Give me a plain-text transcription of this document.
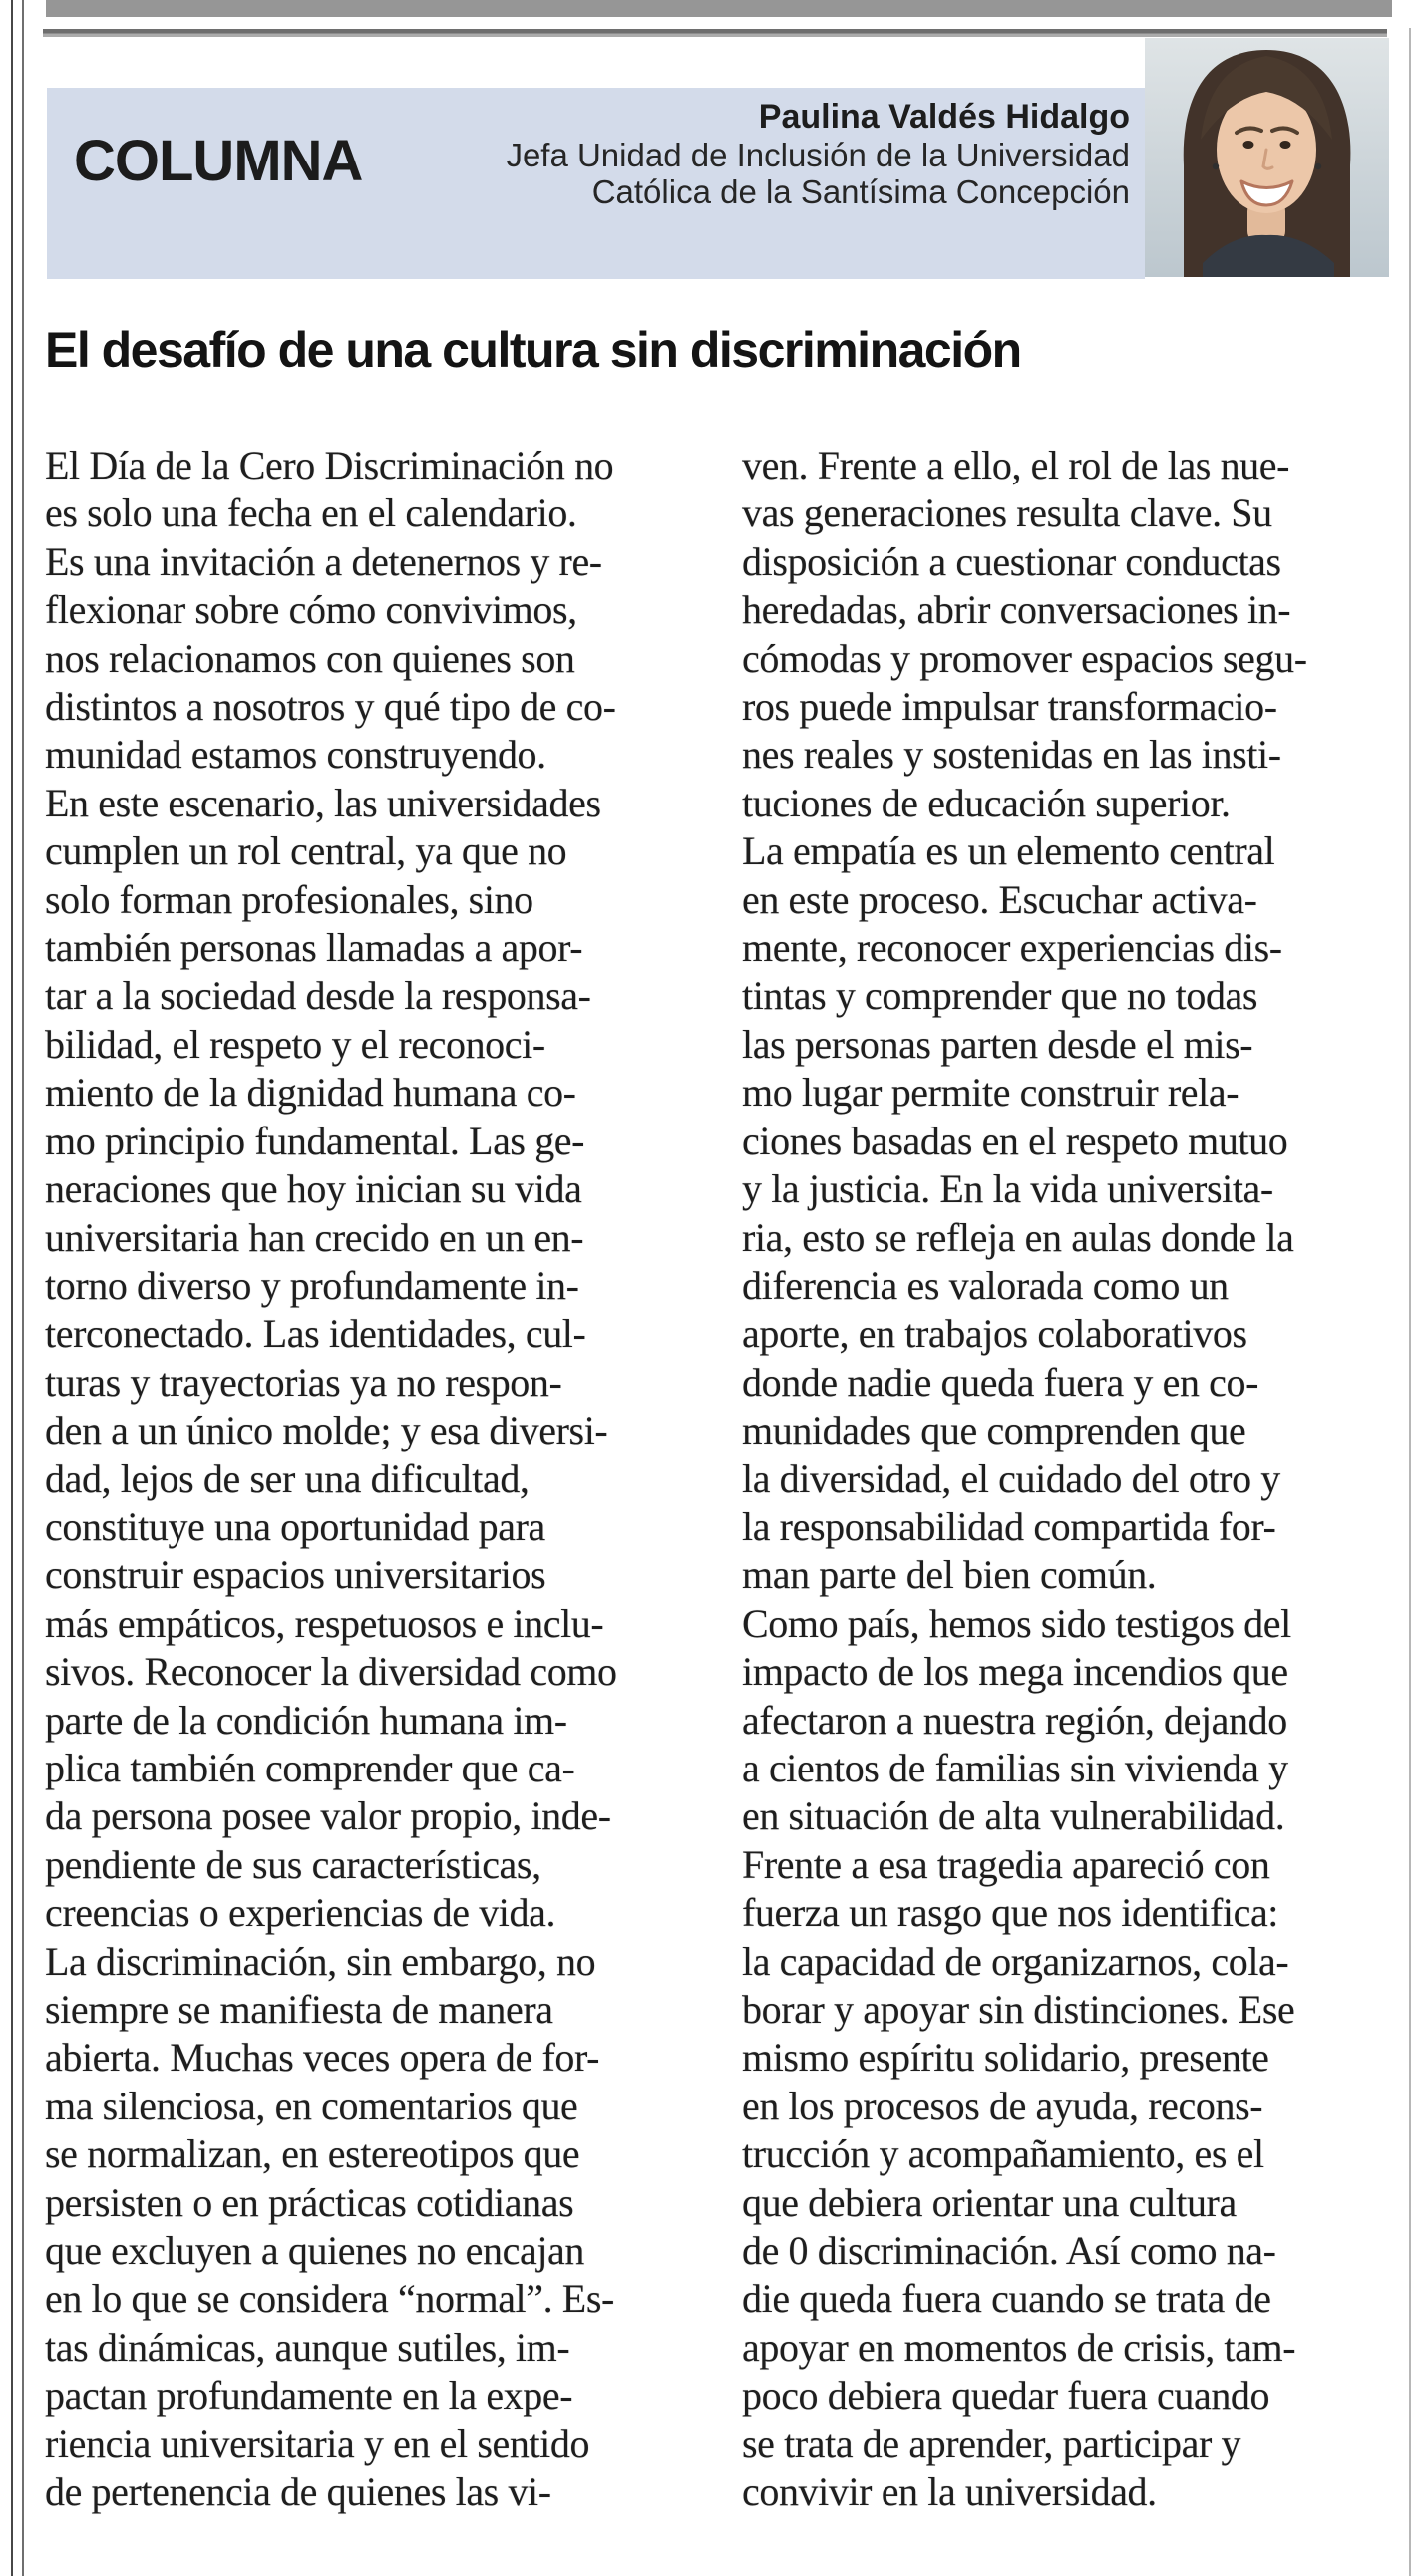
COLUMNA
Paulina Valdés Hidalgo
Jefa Unidad de Inclusión de la Universidad
Católica de la Santísima Concepción
El desafío de una cultura sin discriminación
El Día de la Cero Discriminación no
es solo una fecha en el calendario.
Es una invitación a detenernos y re-
flexionar sobre cómo convivimos,
nos relacionamos con quienes son
distintos a nosotros y qué tipo de co-
munidad estamos construyendo.
En este escenario, las universidades
cumplen un rol central, ya que no
solo forman profesionales, sino
también personas llamadas a apor-
tar a la sociedad desde la responsa-
bilidad, el respeto y el reconoci-
miento de la dignidad humana co-
mo principio fundamental. Las ge-
neraciones que hoy inician su vida
universitaria han crecido en un en-
torno diverso y profundamente in-
terconectado. Las identidades, cul-
turas y trayectorias ya no respon-
den a un único molde; y esa diversi-
dad, lejos de ser una dificultad,
constituye una oportunidad para
construir espacios universitarios
más empáticos, respetuosos e inclu-
sivos. Reconocer la diversidad como
parte de la condición humana im-
plica también comprender que ca-
da persona posee valor propio, inde-
pendiente de sus características,
creencias o experiencias de vida.
La discriminación, sin embargo, no
siempre se manifiesta de manera
abierta. Muchas veces opera de for-
ma silenciosa, en comentarios que
se normalizan, en estereotipos que
persisten o en prácticas cotidianas
que excluyen a quienes no encajan
en lo que se considera “normal”. Es-
tas dinámicas, aunque sutiles, im-
pactan profundamente en la expe-
riencia universitaria y en el sentido
de pertenencia de quienes las vi-
ven. Frente a ello, el rol de las nue-
vas generaciones resulta clave. Su
disposición a cuestionar conductas
heredadas, abrir conversaciones in-
cómodas y promover espacios segu-
ros puede impulsar transformacio-
nes reales y sostenidas en las insti-
tuciones de educación superior.
La empatía es un elemento central
en este proceso. Escuchar activa-
mente, reconocer experiencias dis-
tintas y comprender que no todas
las personas parten desde el mis-
mo lugar permite construir rela-
ciones basadas en el respeto mutuo
y la justicia. En la vida universita-
ria, esto se refleja en aulas donde la
diferencia es valorada como un
aporte, en trabajos colaborativos
donde nadie queda fuera y en co-
munidades que comprenden que
la diversidad, el cuidado del otro y
la responsabilidad compartida for-
man parte del bien común.
Como país, hemos sido testigos del
impacto de los mega incendios que
afectaron a nuestra región, dejando
a cientos de familias sin vivienda y
en situación de alta vulnerabilidad.
Frente a esa tragedia apareció con
fuerza un rasgo que nos identifica:
la capacidad de organizarnos, cola-
borar y apoyar sin distinciones. Ese
mismo espíritu solidario, presente
en los procesos de ayuda, recons-
trucción y acompañamiento, es el
que debiera orientar una cultura
de 0 discriminación. Así como na-
die queda fuera cuando se trata de
apoyar en momentos de crisis, tam-
poco debiera quedar fuera cuando
se trata de aprender, participar y
convivir en la universidad.
